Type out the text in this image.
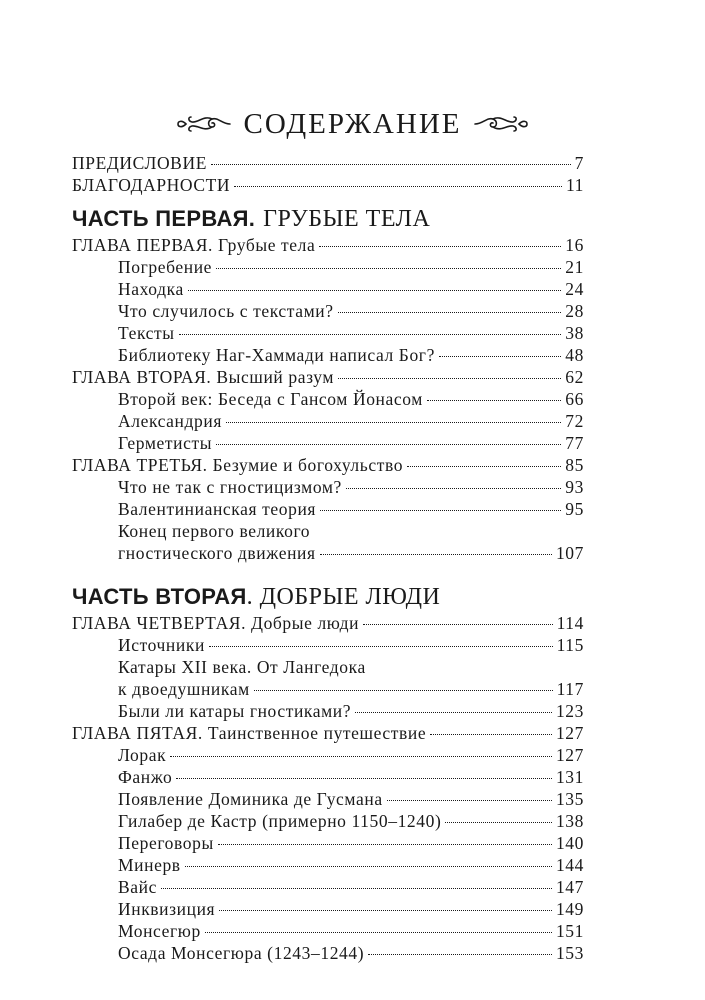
СОДЕРЖАНИЕ
ПРЕДИСЛОВИЕ	7
БЛАГОДАРНОСТИ	11
ЧАСТЬ ПЕРВАЯ. ГРУБЫЕ ТЕЛА
ГЛАВА ПЕРВАЯ. Грубые тела	16
Погребение	21
Находка	24
Что случилось с текстами?	28
Тексты	38
Библиотеку Наг-Хаммади написал Бог?	48
ГЛАВА ВТОРАЯ. Высший разум	62
Второй век: Беседа с Гансом Йонасом	66
Александрия	72
Герметисты	77
ГЛАВА ТРЕТЬЯ. Безумие и богохульство	85
Что не так с гностицизмом?	93
Валентинианская теория	95
Конец первого великого
гностического движения	107
ЧАСТЬ ВТОРАЯ . ДОБРЫЕ ЛЮДИ
ГЛАВА ЧЕТВЕРТАЯ. Добрые люди	114
Источники	115
Катары XII века. От Лангедока
к двоедушникам	117
Были ли катары гностиками?	123
ГЛАВА ПЯТАЯ. Таинственное путешествие	127
Лорак	127
Фанжо	131
Появление Доминика де Гусмана	135
Гилабер де Кастр (примерно 1150–1240)	138
Переговоры	140
Минерв	144
Вайс	147
Инквизиция	149
Монсегюр	151
Осада Монсегюра (1243–1244)	153
